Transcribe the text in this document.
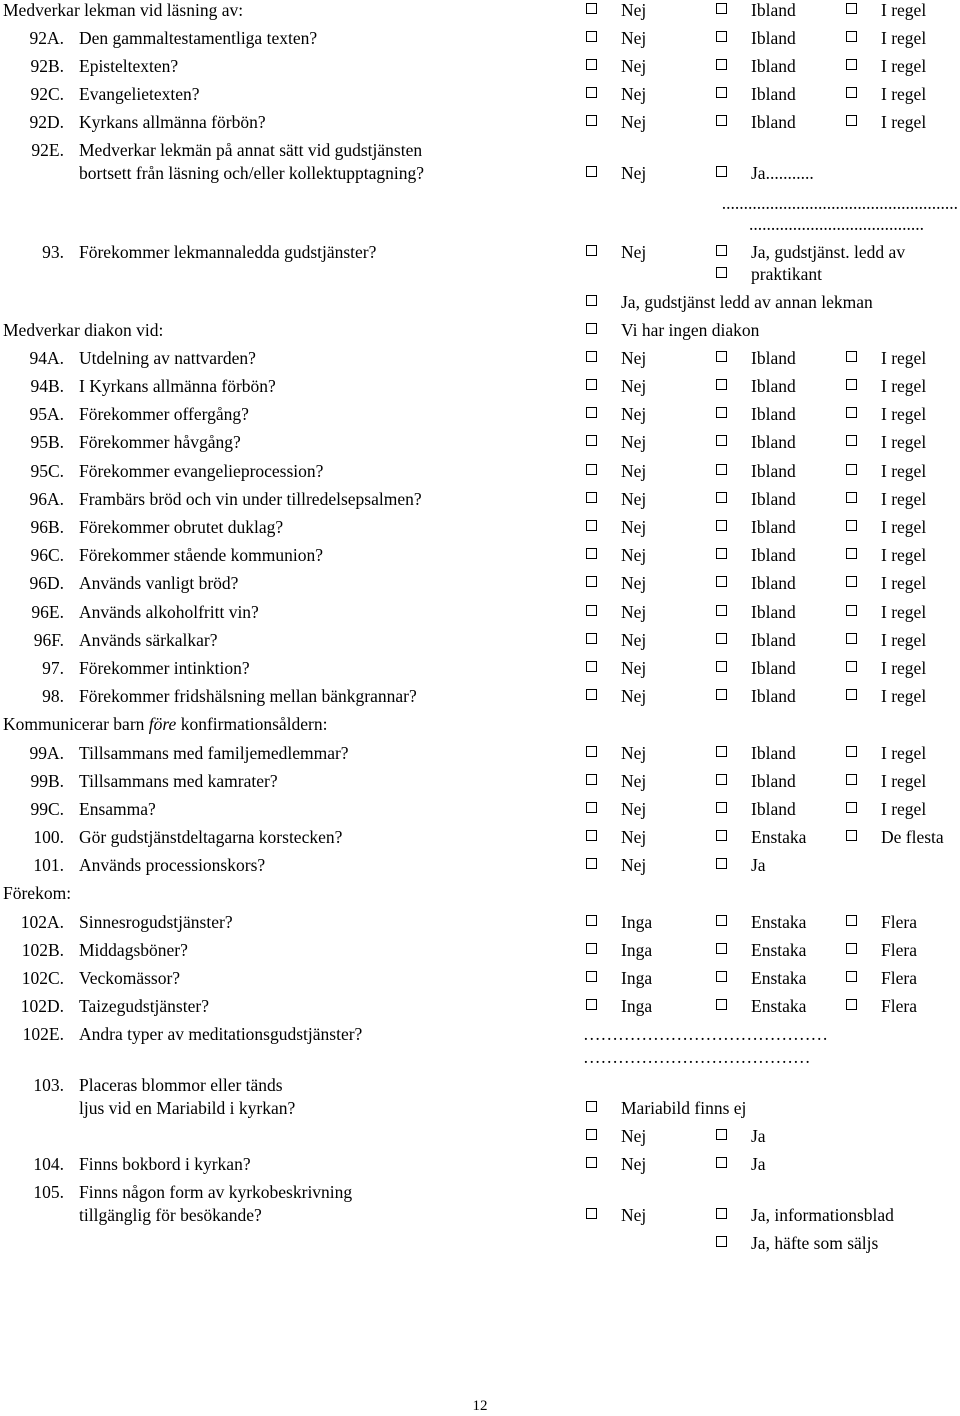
12
Medverkar lekman vid läsning av:	Nej	Ibland	I regel
92A. Den gammaltestamentliga texten?	Nej	Ibland	I regel
92B. Episteltexten?	Nej	Ibland	I regel
92C. Evangelietexten?	Nej	Ibland	I regel
92D. Kyrkans allmänna förbön?	Nej	Ibland	I regel
92E. Medverkar lekmän på annat sätt vid gudstjänsten
bortsett från läsning och/eller kollektupptagning?	Nej	Ja...........
......................................................
........................................
93. Förekommer lekmannaledda gudstjänster?	Nej	Ja, gudstjänst. ledd av
praktikant
Ja, gudstjänst ledd av annan lekman
Medverkar diakon vid:	Vi har ingen diakon
94A. Utdelning av nattvarden?	Nej	Ibland	I regel
94B. I Kyrkans allmänna förbön?	Nej	Ibland	I regel
95A. Förekommer offergång?	Nej	Ibland	I regel
95B. Förekommer håvgång?	Nej	Ibland	I regel
95C. Förekommer evangelieprocession?	Nej	Ibland	I regel
96A. Frambärs bröd och vin under tillredelsepsalmen?	Nej	Ibland	I regel
96B. Förekommer obrutet duklag?	Nej	Ibland	I regel
96C. Förekommer stående kommunion?	Nej	Ibland	I regel
96D. Används vanligt bröd?	Nej	Ibland	I regel
96E. Används alkoholfritt vin?	Nej	Ibland	I regel
96F. Används särkalkar?	Nej	Ibland	I regel
97. Förekommer intinktion?	Nej	Ibland	I regel
98. Förekommer fridshälsning mellan bänkgrannar?	Nej	Ibland	I regel
Kommunicerar barn före konfirmationsåldern:
99A. Tillsammans med familjemedlemmar?	Nej	Ibland	I regel
99B. Tillsammans med kamrater?	Nej	Ibland	I regel
99C. Ensamma?	Nej	Ibland	I regel
100. Gör gudstjänstdeltagarna korstecken?	Nej	Enstaka	De flesta
101. Används processionskors?	Nej	Ja
Förekom:
102A. Sinnesrogudstjänster?	Inga	Enstaka	Flera
102B. Middagsböner?	Inga	Enstaka	Flera
102C. Veckomässor?	Inga	Enstaka	Flera
102D. Taizegudstjänster?	Inga	Enstaka	Flera
102E. Andra typer av meditationsgudstjänster?	……………………………………
…………………………………
103. Placeras blommor eller tänds
ljus vid en Mariabild i kyrkan?	Mariabild finns ej
Nej	Ja
104. Finns bokbord i kyrkan?	Nej	Ja
105. Finns någon form av kyrkobeskrivning
tillgänglig för besökande?	Nej	Ja, informationsblad
Ja, häfte som säljs
